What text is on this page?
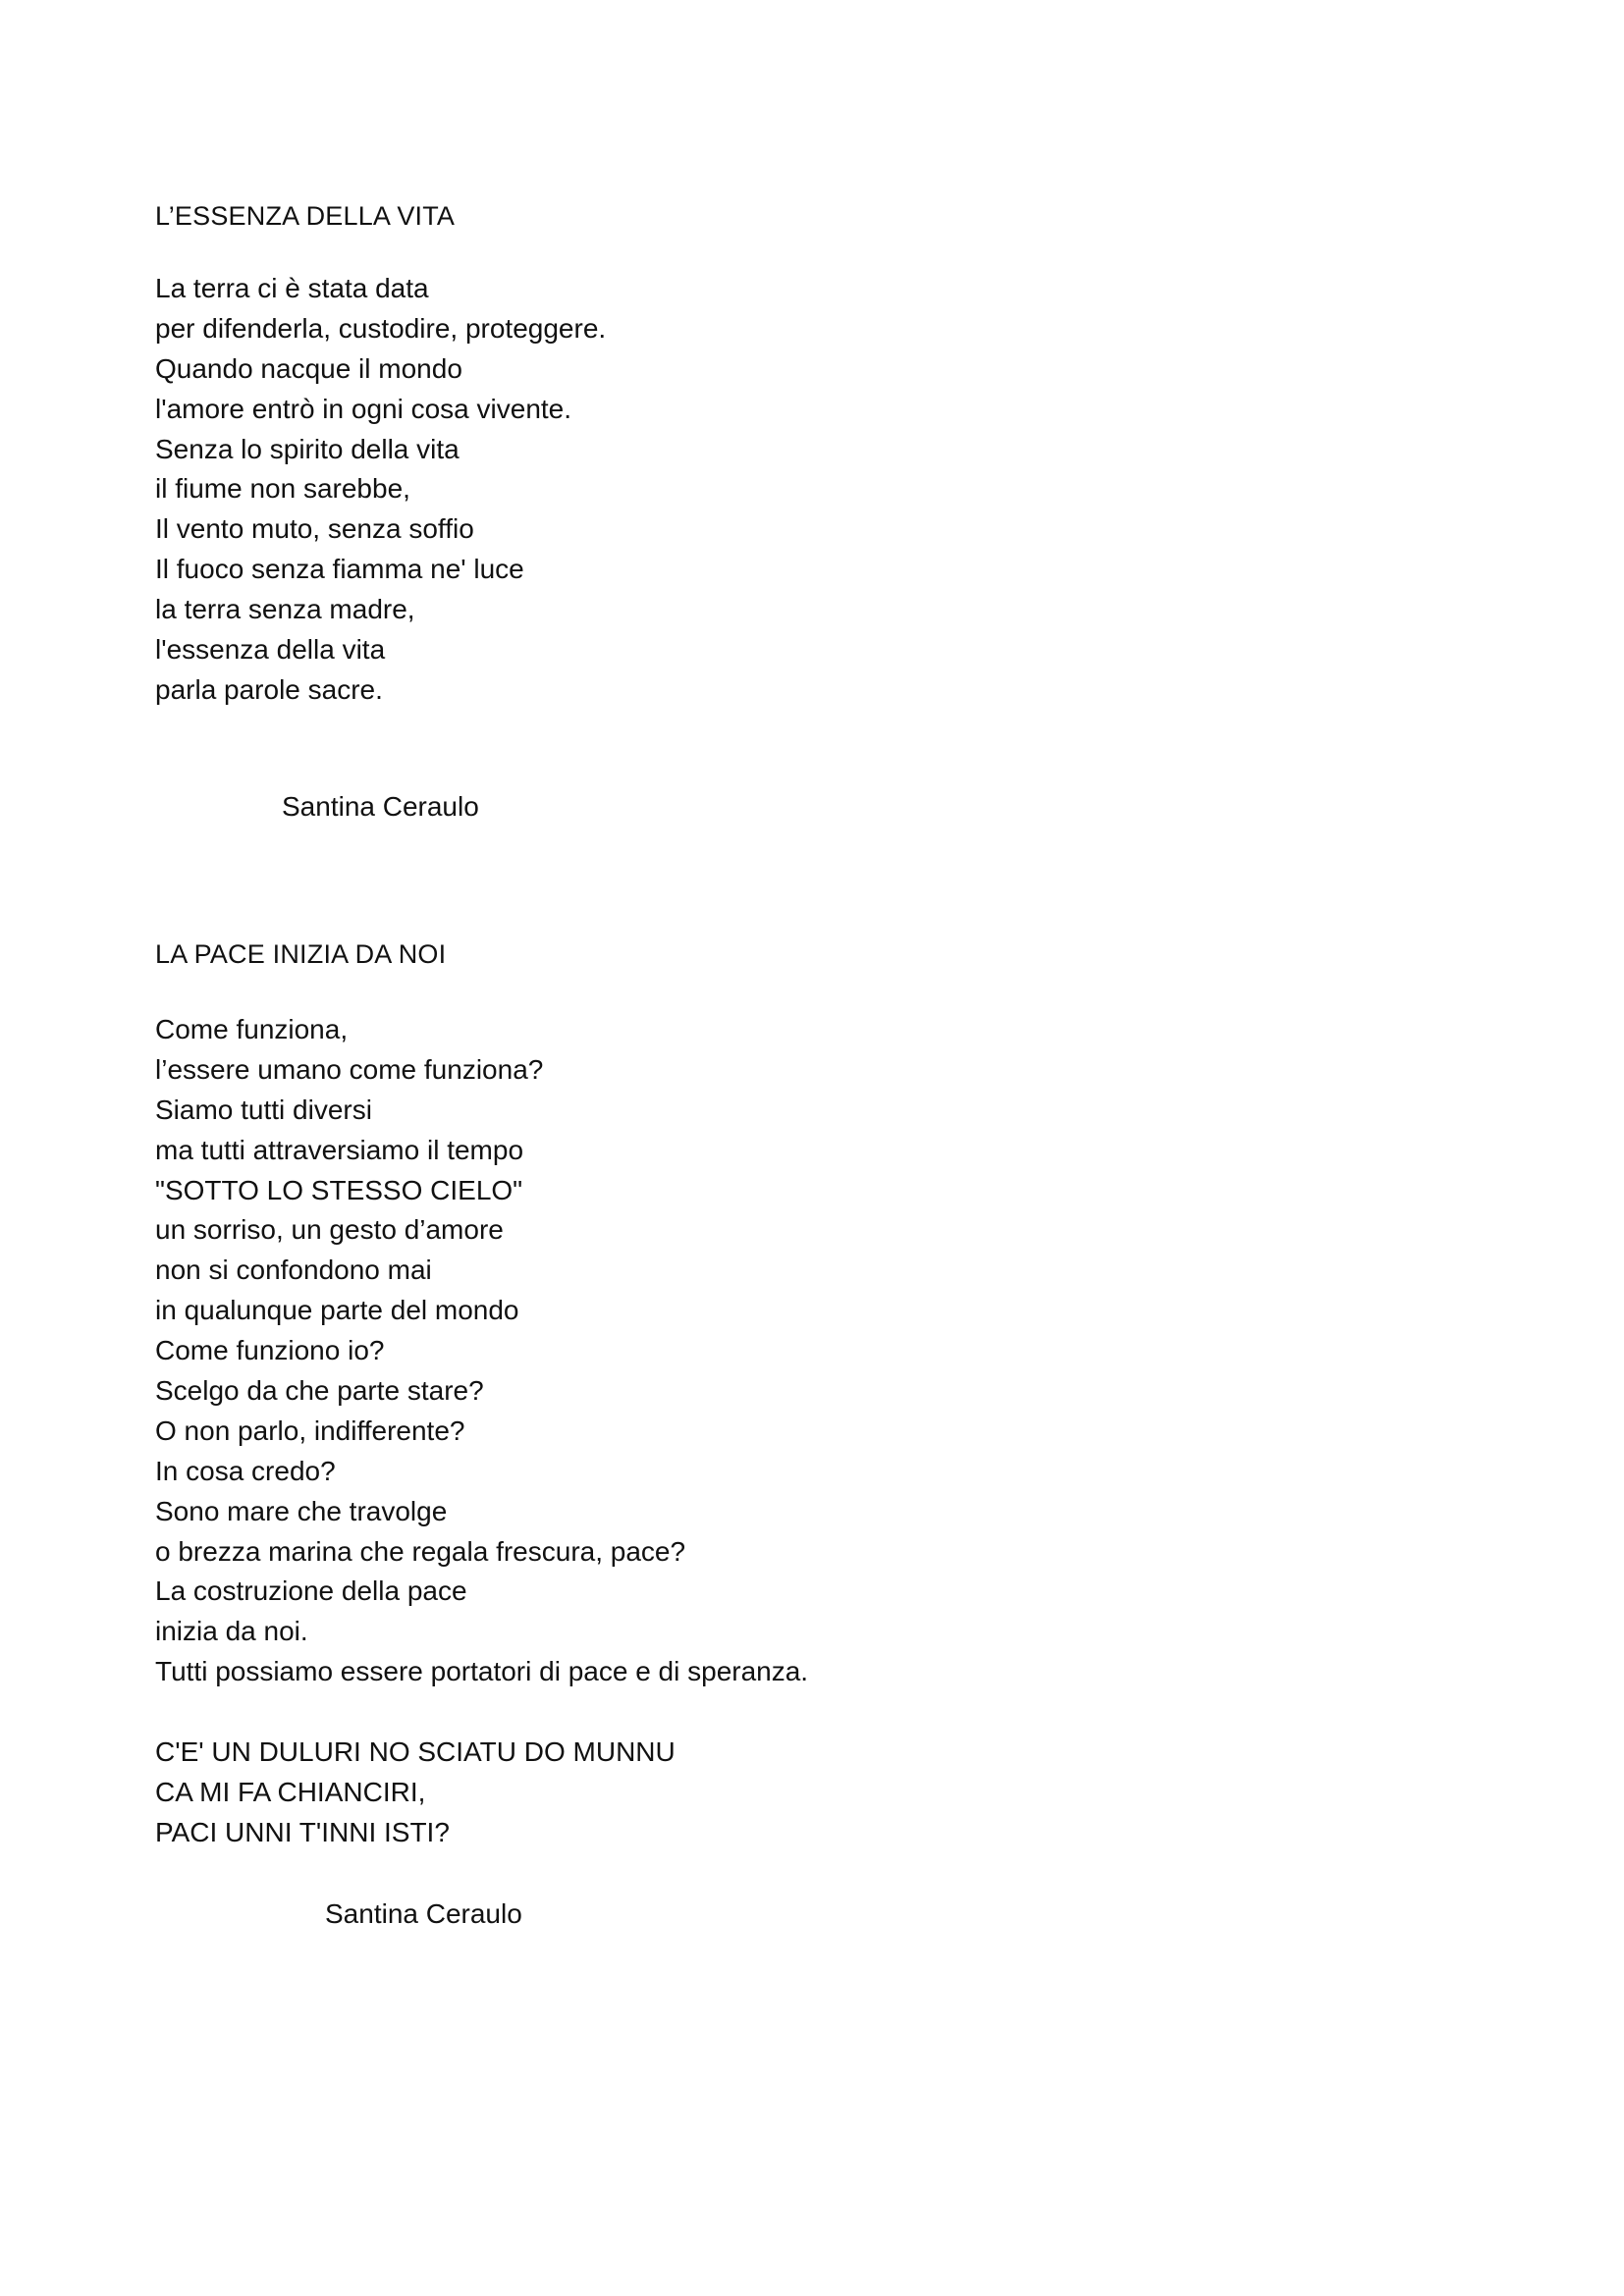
L’ESSENZA DELLA VITA
La terra ci è stata data
per difenderla, custodire, proteggere.
Quando nacque il mondo
l'amore entrò in ogni cosa vivente.
Senza lo spirito della vita
il fiume non sarebbe,
Il vento muto, senza soffio
Il fuoco senza fiamma ne' luce
la terra senza madre,
l'essenza della vita
parla parole sacre.
Santina Ceraulo
LA PACE INIZIA DA NOI
Come funziona,
l’essere umano come funziona?
Siamo tutti diversi
ma tutti attraversiamo il tempo
"SOTTO LO STESSO CIELO"
un sorriso, un gesto d’amore
non si confondono mai
in qualunque parte del mondo
Come funziono io?
Scelgo da che parte stare?
O non parlo, indifferente?
In cosa credo?
Sono mare che travolge
o brezza marina che regala frescura, pace?
La costruzione della pace
inizia da noi.
Tutti possiamo essere portatori di pace e di speranza.
C'E' UN DULURI NO SCIATU DO MUNNU
CA MI FA CHIANCIRI,
PACI UNNI T'INNI ISTI?
Santina Ceraulo
